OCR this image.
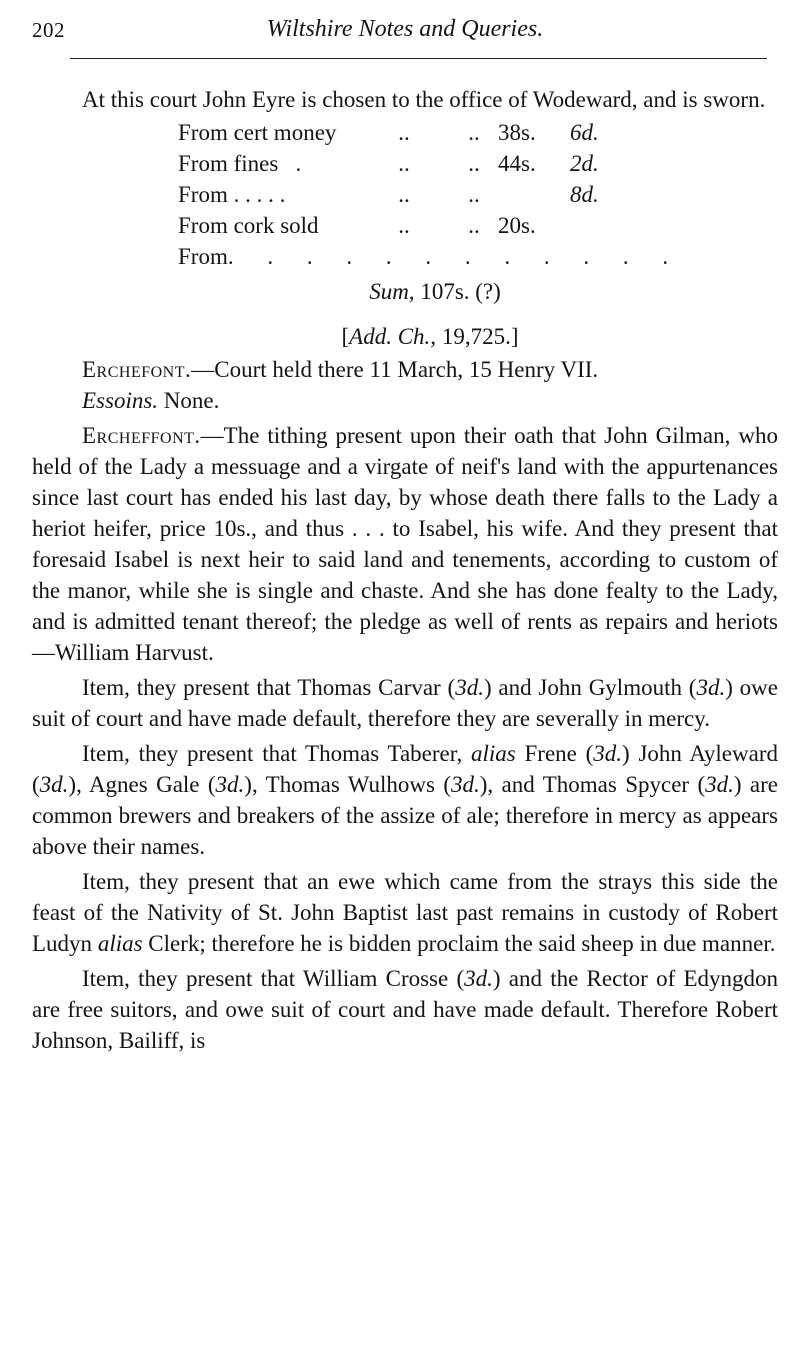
202	Wiltshire Notes and Queries.

At this court John Eyre is chosen to the office of Wodeward, and is sworn.

From cert money	..	.. 38s.	6d.
From fines   .	..	.. 44s.	2d.
From . . . . .	..	..	8d.
From cork sold	..	.. 20s.
From . . . . . . . . . . . .
Sum, 107s. (?)
[Add. Ch., 19,725.]

Erchefont.—Court held there 11 March, 15 Henry VII.

Essoins. None.

Ercheffont.—The tithing present upon their oath that John Gilman, who held of the Lady a messuage and a virgate of neif's land with the appurtenances since last court has ended his last day, by whose death there falls to the Lady a heriot heifer, price 10s., and thus . . . to Isabel, his wife. And they present that foresaid Isabel is next heir to said land and tenements, according to custom of the manor, while she is single and chaste. And she has done fealty to the Lady, and is admitted tenant thereof; the pledge as well of rents as repairs and heriots—William Harvust.

Item, they present that Thomas Carvar (3d.) and John Gylmouth (3d.) owe suit of court and have made default, therefore they are severally in mercy.

Item, they present that Thomas Taberer, alias Frene (3d.) John Ayleward (3d.), Agnes Gale (3d.), Thomas Wulhows (3d.), and Thomas Spycer (3d.) are common brewers and breakers of the assize of ale; therefore in mercy as appears above their names.

Item, they present that an ewe which came from the strays this side the feast of the Nativity of St. John Baptist last past remains in custody of Robert Ludyn alias Clerk; therefore he is bidden proclaim the said sheep in due manner.

Item, they present that William Crosse (3d.) and the Rector of Edyngdon are free suitors, and owe suit of court and have made default. Therefore Robert Johnson, Bailiff, is
